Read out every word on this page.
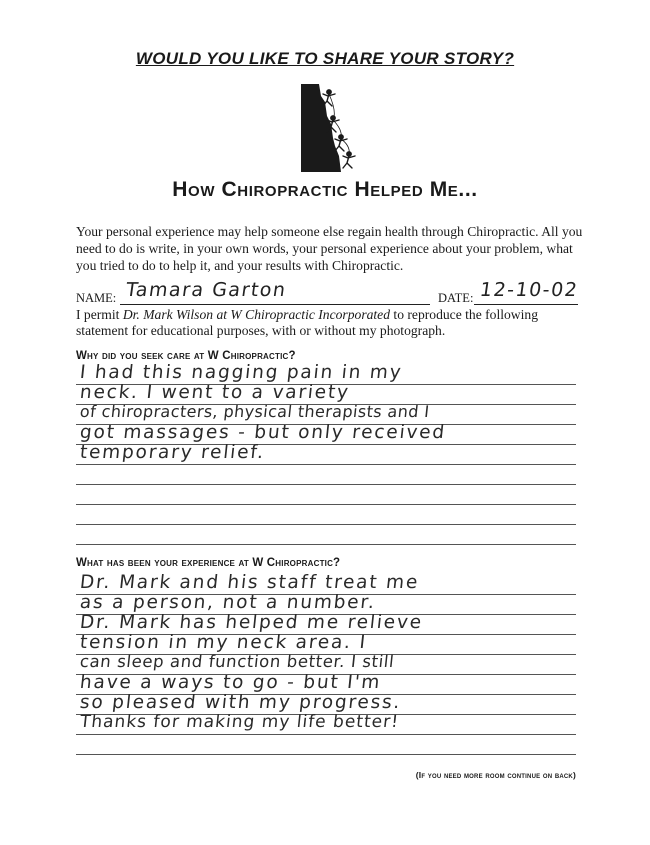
WOULD YOU LIKE TO SHARE YOUR STORY?
How Chiropractic Helped Me...
Your personal experience may help someone else regain health through Chiropractic. All you need to do is write, in your own words, your personal experience about your problem, what you tried to do to help it, and your results with Chiropractic.
NAME: Tamara Garton	DATE: 12-10-02
I permit Dr. Mark Wilson at W Chiropractic Incorporated to reproduce the following statement for educational purposes, with or without my photograph.
Why did you seek care at W Chiropractic?
I had this nagging pain in my
neck. I went to a variety
of chiropracters, physical therapists and I
got massages - but only received
temporary relief.
What has been your experience at W Chiropractic?
Dr. Mark and his staff treat me
as a person, not a number.
Dr. Mark has helped me relieve
tension in my neck area. I
can sleep and function better. I still
have a ways to go - but I'm
so pleased with my progress.
Thanks for making my life better!
(If you need more room continue on back)
